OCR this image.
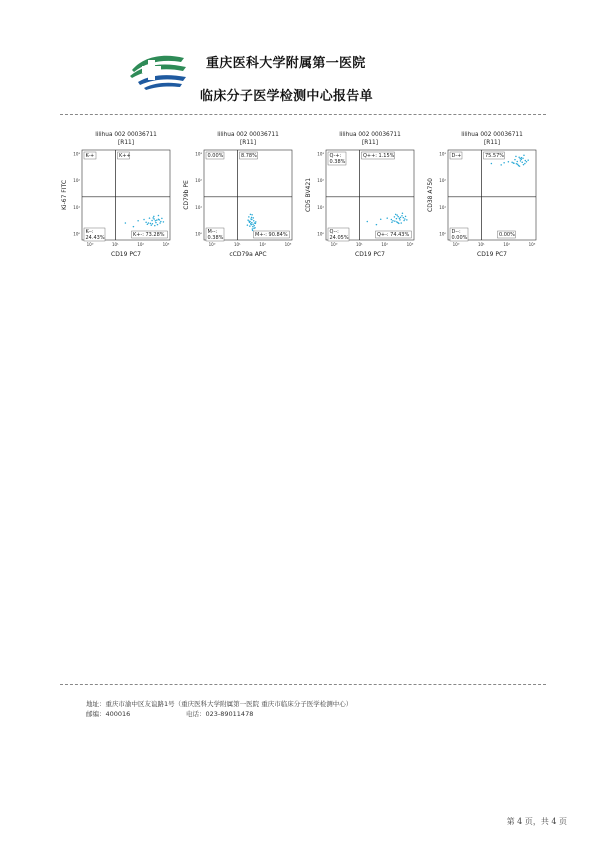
重庆医科大学附属第一医院
临床分子医学检测中心报告单
lilihua 002 00036711
[R11]
10⁰	10¹	10²	10³
10³
10²
10¹
10⁰
CD19 PC7
Ki-67 FITC
K-+	K++
K--:
24.43%	K+-: 73.28%
lilihua 002 00036711
[R11]
10⁰	10¹	10²	10³
10³
10²
10¹
10⁰
cCD79a APC
CD79b PE
0.00%	8.78%
M--:
0.38%	M+-: 90.84%
lilihua 002 00036711
[R11]
10⁰	10¹	10²	10³
10³
10²
10¹
10⁰
CD19 PC7
CD5 BV421
Q-+:
0.38%
Q++: 1.15%
Q--:
24.05%	Q+-: 74.43%
lilihua 002 00036711
[R11]
10⁰	10¹	10²	10³
10³
10²
10¹
10⁰
CD19 PC7
CD38 A750
D-+	75.57%
D--:
0.00%	0.00%
地址：重庆市渝中区友谊路1号（重庆医科大学附属第一医院 重庆市临床分子医学检测中心）
邮编：400016	电话：023-89011478
第 4 页，共 4 页
